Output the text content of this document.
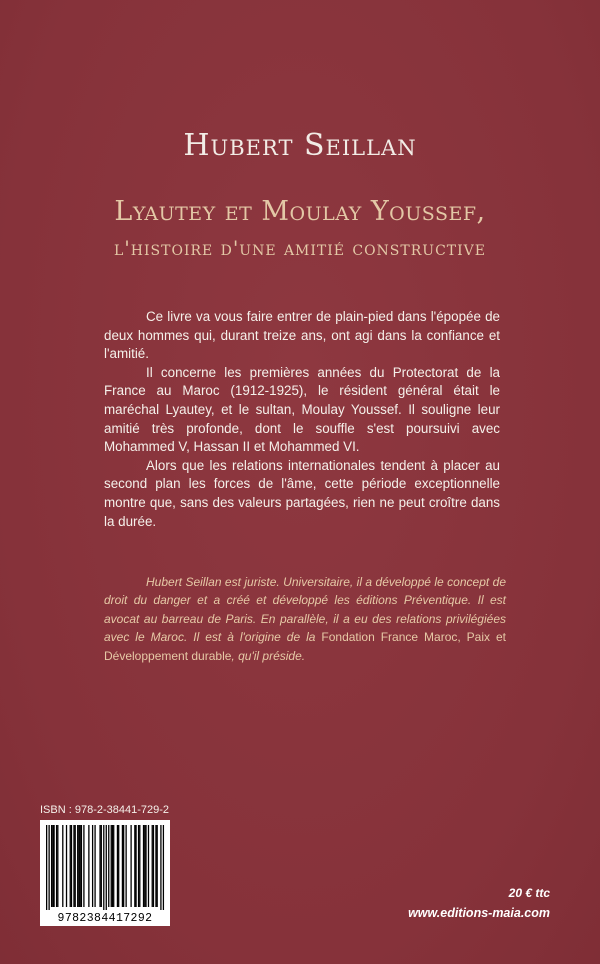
Hubert Seillan
Lyautey et Moulay Youssef,
l'histoire d'une amitié constructive

Ce livre va vous faire entrer de plain-pied dans l'épopée de deux hommes qui, durant treize ans, ont agi dans la confiance et l'amitié.

Il concerne les premières années du Protectorat de la France au Maroc (1912-1925), le résident général était le maréchal Lyautey, et le sultan, Moulay Youssef. Il souligne leur amitié très profonde, dont le souffle s'est poursuivi avec Mohammed V, Hassan II et Mohammed VI.

Alors que les relations internationales tendent à placer au second plan les forces de l'âme, cette période exceptionnelle montre que, sans des valeurs partagées, rien ne peut croître dans la durée.

Hubert Seillan est juriste. Universitaire, il a développé le concept de droit du danger et a créé et développé les éditions Préventique. Il est avocat au barreau de Paris. En parallèle, il a eu des relations privilégiées avec le Maroc. Il est à l'origine de la Fondation France Maroc, Paix et Développement durable, qu'il préside.
ISBN : 978-2-38441-729-2
9782384417292
20 € ttc
www.editions-maia.com
